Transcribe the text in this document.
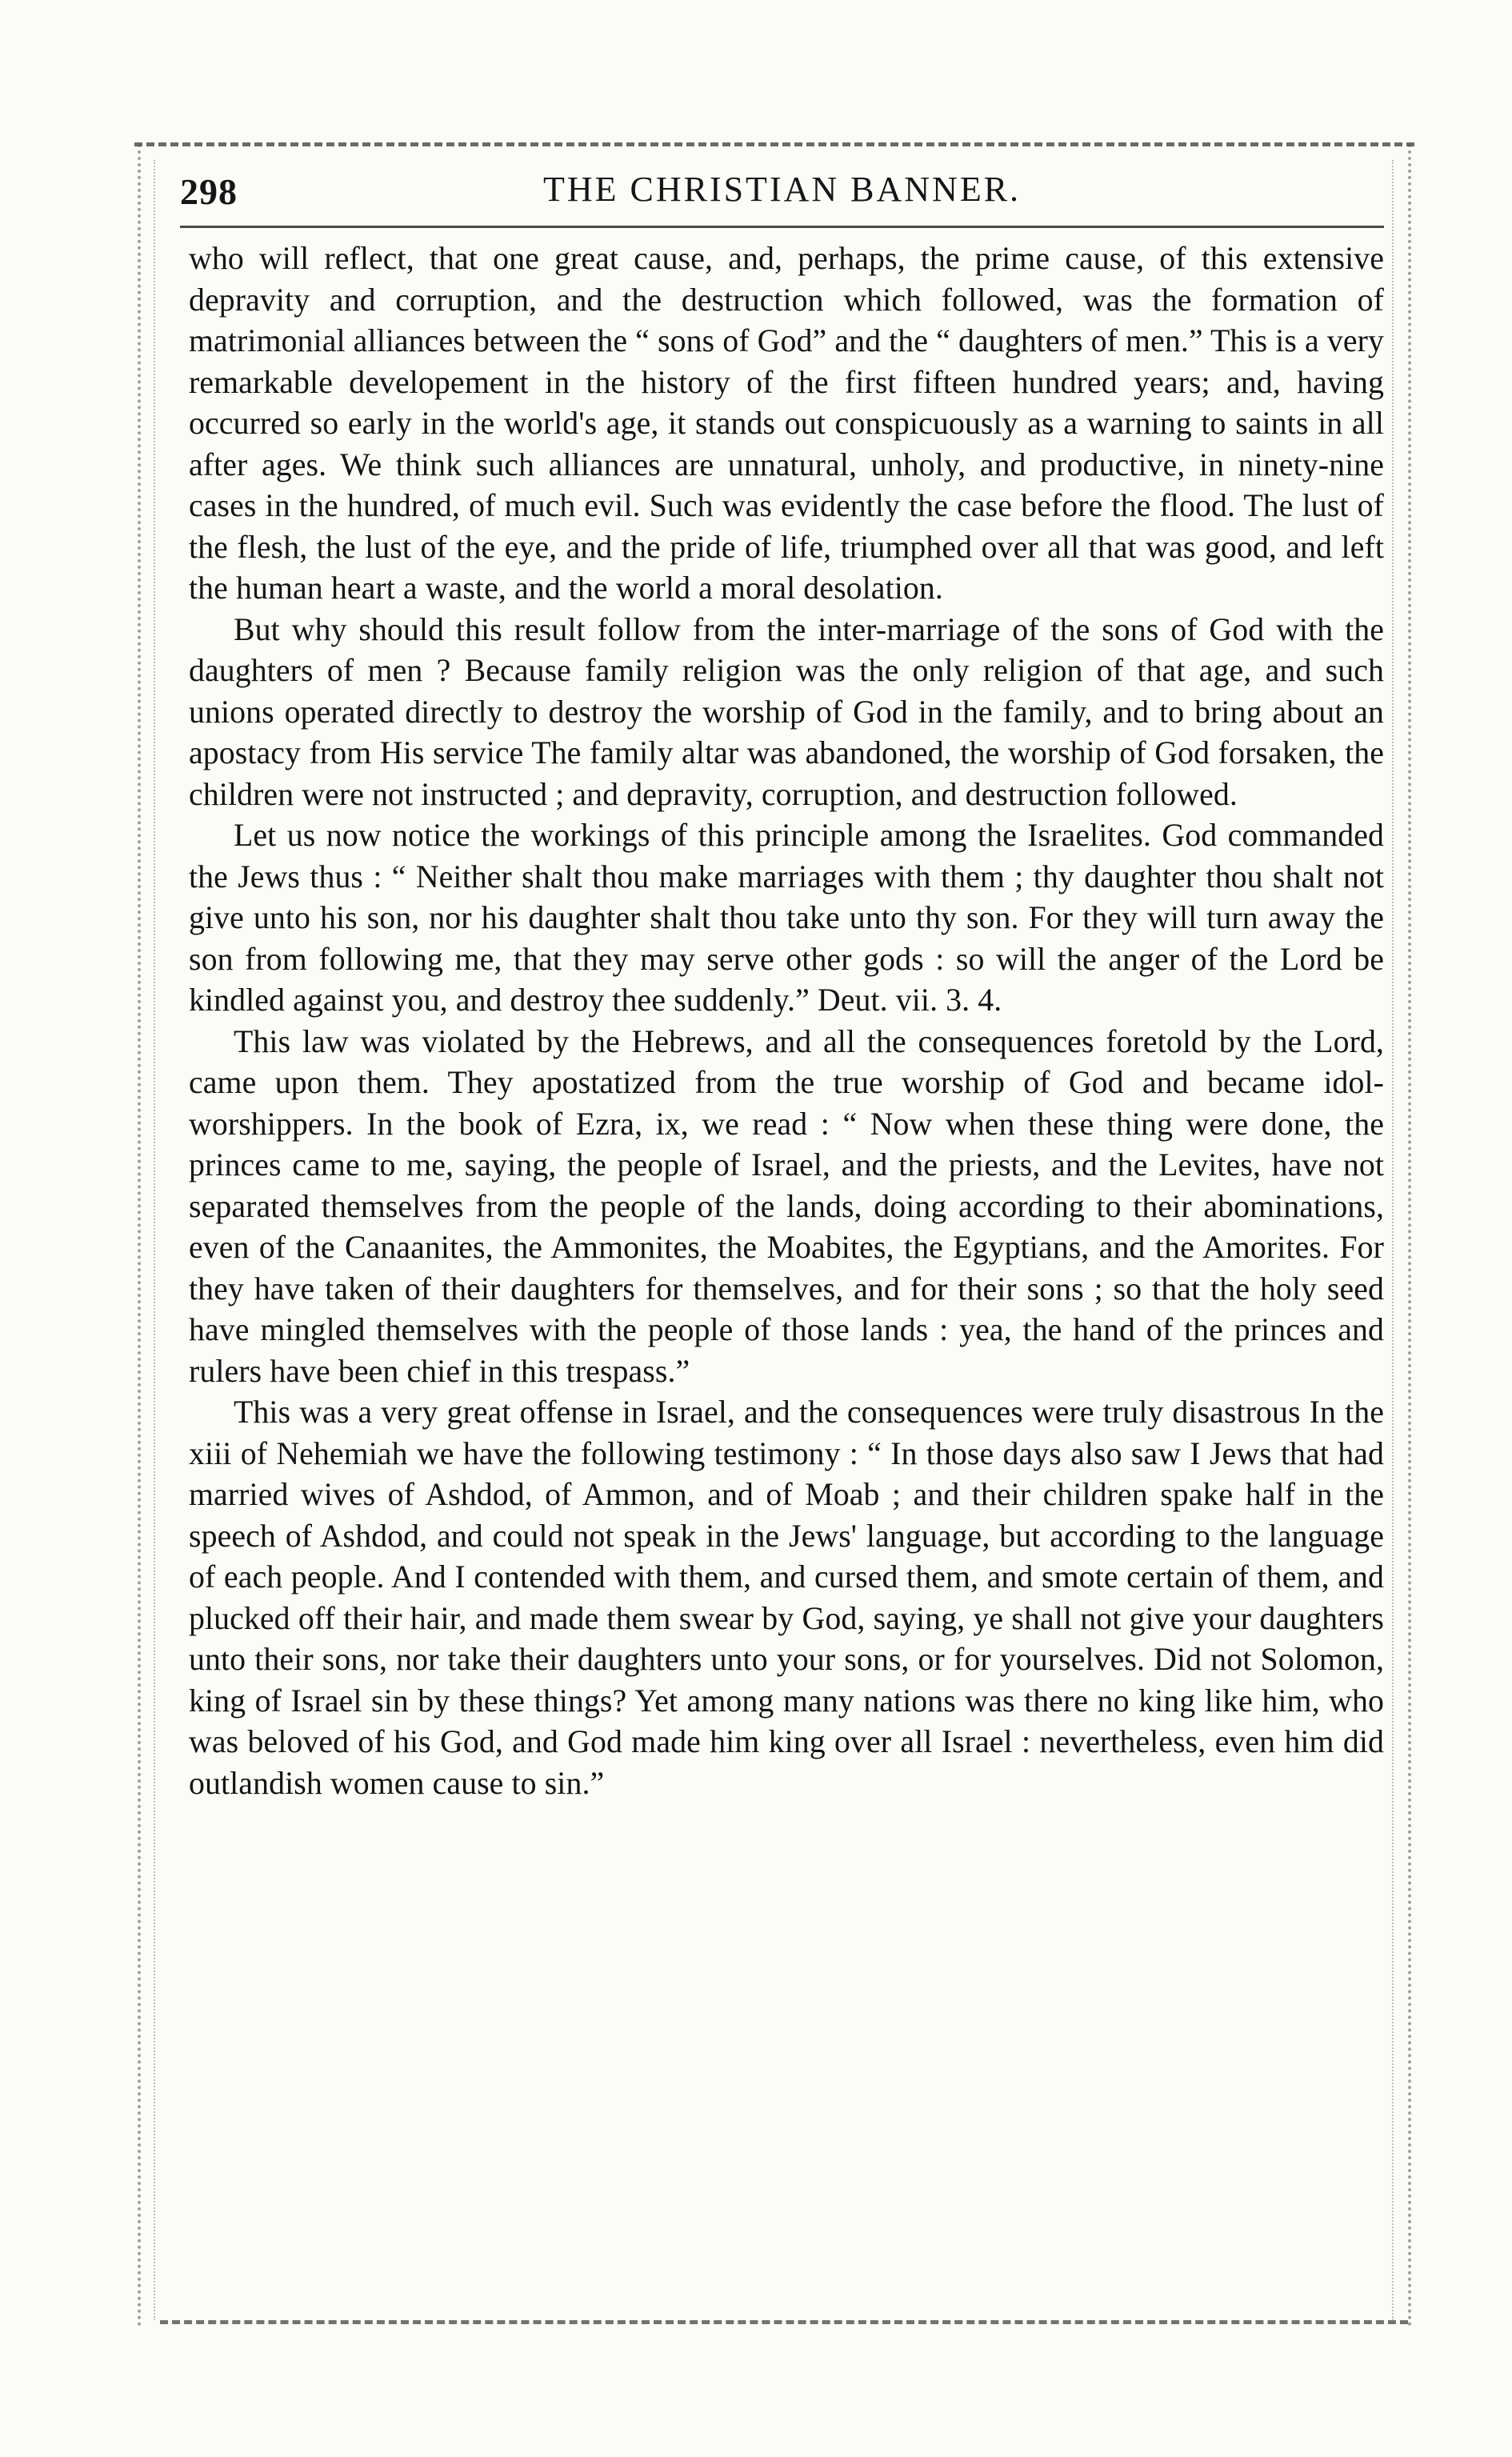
298	THE CHRISTIAN BANNER.

who will reflect, that one great cause, and, perhaps, the prime cause, of this extensive depravity and corruption, and the destruction which followed, was the formation of matrimonial alliances between the “ sons of God” and the “ daughters of men.” This is a very remarkable developement in the history of the first fifteen hundred years; and, having occurred so early in the world's age, it stands out conspicuously as a warning to saints in all after ages. We think such alliances are unnatural, unholy, and productive, in ninety-nine cases in the hundred, of much evil. Such was evidently the case before the flood. The lust of the flesh, the lust of the eye, and the pride of life, triumphed over all that was good, and left the human heart a waste, and the world a moral desolation.

But why should this result follow from the inter-marriage of the sons of God with the daughters of men ? Because family religion was the only religion of that age, and such unions operated directly to destroy the worship of God in the family, and to bring about an apostacy from His service The family altar was abandoned, the worship of God forsaken, the children were not instructed ; and depravity, corruption, and destruction followed.

Let us now notice the workings of this principle among the Israelites. God commanded the Jews thus : “ Neither shalt thou make marriages with them ; thy daughter thou shalt not give unto his son, nor his daughter shalt thou take unto thy son. For they will turn away the son from following me, that they may serve other gods : so will the anger of the Lord be kindled against you, and destroy thee suddenly.” Deut. vii. 3. 4.

This law was violated by the Hebrews, and all the consequences foretold by the Lord, came upon them. They apostatized from the true worship of God and became idol-worshippers. In the book of Ezra, ix, we read : “ Now when these thing were done, the princes came to me, saying, the people of Israel, and the priests, and the Levites, have not separated themselves from the people of the lands, doing according to their abominations, even of the Canaanites, the Ammonites, the Moabites, the Egyptians, and the Amorites. For they have taken of their daughters for themselves, and for their sons ; so that the holy seed have mingled themselves with the people of those lands : yea, the hand of the princes and rulers have been chief in this trespass.”

This was a very great offense in Israel, and the consequences were truly disastrous In the xiii of Nehemiah we have the following testimony : “ In those days also saw I Jews that had married wives of Ashdod, of Ammon, and of Moab ; and their children spake half in the speech of Ashdod, and could not speak in the Jews' language, but according to the language of each people. And I contended with them, and cursed them, and smote certain of them, and plucked off their hair, and made them swear by God, saying, ye shall not give your daughters unto their sons, nor take their daughters unto your sons, or for yourselves. Did not Solomon, king of Israel sin by these things? Yet among many nations was there no king like him, who was beloved of his God, and God made him king over all Israel : nevertheless, even him did outlandish women cause to sin.”
